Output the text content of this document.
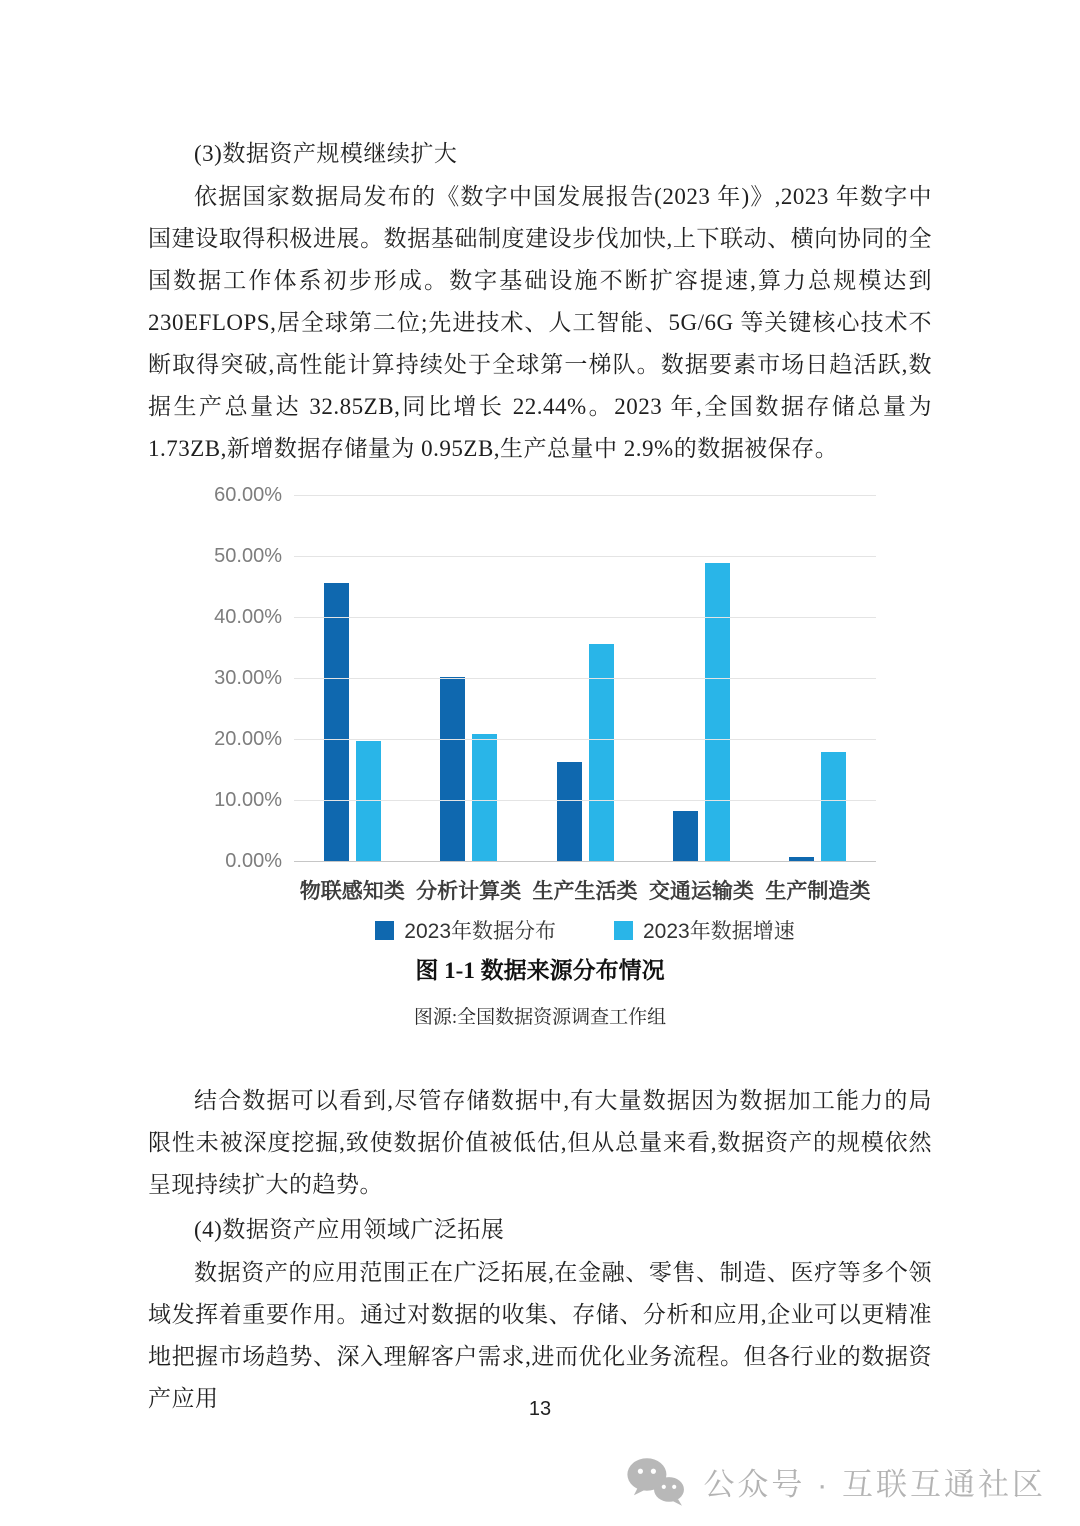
(3)数据资产规模继续扩大
依据国家数据局发布的《数字中国发展报告(2023 年)》,2023 年数字中国建设取得积极进展。数据基础制度建设步伐加快,上下联动、横向协同的全国数据工作体系初步形成。数字基础设施不断扩容提速,算力总规模达到230EFLOPS,居全球第二位;先进技术、人工智能、5G/6G 等关键核心技术不断取得突破,高性能计算持续处于全球第一梯队。数据要素市场日趋活跃,数据生产总量达 32.85ZB,同比增长 22.44%。2023 年,全国数据存储总量为 1.73ZB,新增数据存储量为 0.95ZB,生产总量中 2.9%的数据被保存。
物联感知类 分析计算类 生产生活类 交通运输类 生产制造类
2023年数据分布	2023年数据增速
60.00%
50.00%
40.00%
30.00%
20.00%
10.00%
0.00%
图 1-1 数据来源分布情况
图源:全国数据资源调查工作组
结合数据可以看到,尽管存储数据中,有大量数据因为数据加工能力的局限性未被深度挖掘,致使数据价值被低估,但从总量来看,数据资产的规模依然呈现持续扩大的趋势。
(4)数据资产应用领域广泛拓展
数据资产的应用范围正在广泛拓展,在金融、零售、制造、医疗等多个领域发挥着重要作用。通过对数据的收集、存储、分析和应用,企业可以更精准地把握市场趋势、深入理解客户需求,进而优化业务流程。但各行业的数据资产应用	13
公众号 · 互联互通社区
